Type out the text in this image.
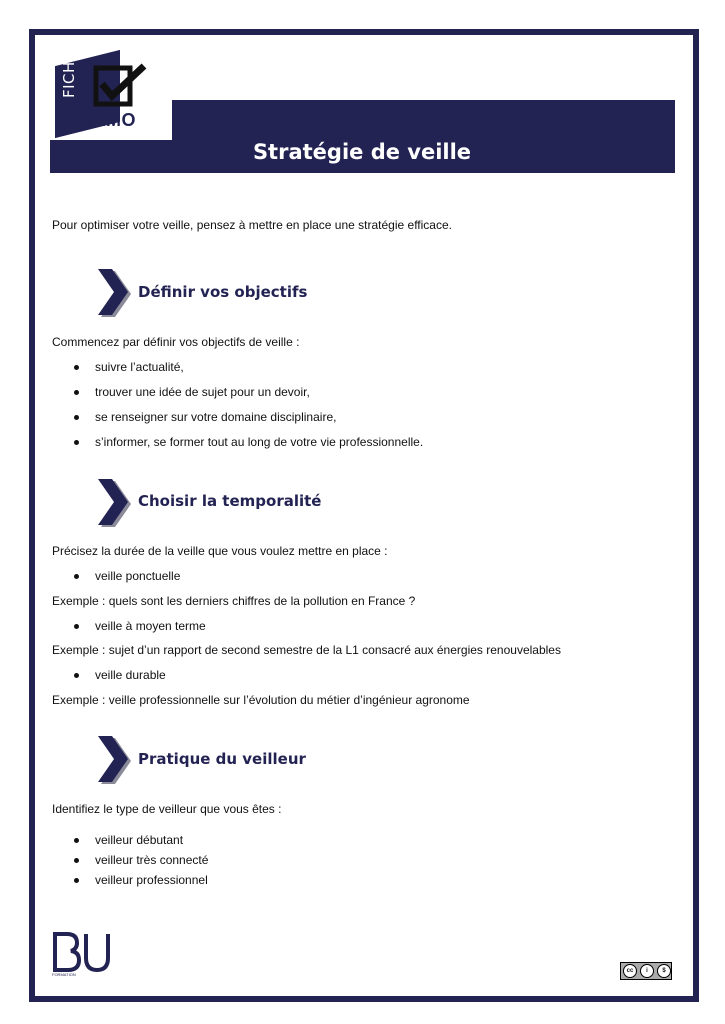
FICHE
MÉMO
Stratégie de veille
Pour optimiser votre veille, pensez à mettre en place une stratégie efficace.
Définir vos objectifs
Commencez par définir vos objectifs de veille :
suivre l’actualité,
trouver une idée de sujet pour un devoir,
se renseigner sur votre domaine disciplinaire,
s’informer, se former tout au long de votre vie professionnelle.
Choisir la temporalité
Précisez la durée de la veille que vous voulez mettre en place :
veille ponctuelle
Exemple : quels sont les derniers chiffres de la pollution en France ?
veille à moyen terme
Exemple : sujet d’un rapport de second semestre de la L1 consacré aux énergies renouvelables
veille durable
Exemple : veille professionnelle sur l’évolution du métier d’ingénieur agronome
Pratique du veilleur
Identifiez le type de veilleur que vous êtes :
veilleur débutant
veilleur très connecté
veilleur professionnel
FORMATION
cc	i	$
